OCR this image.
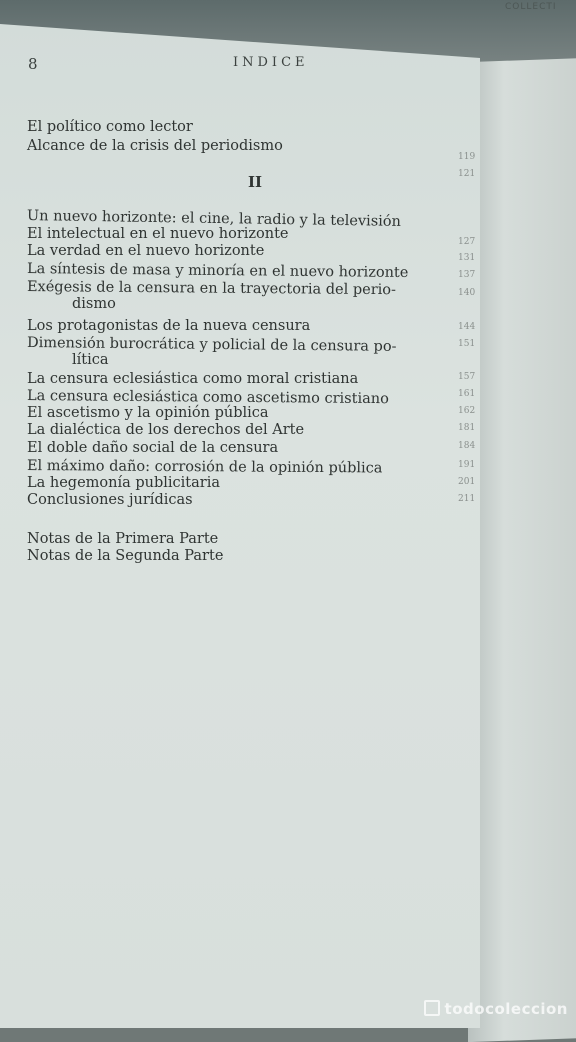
COLLECTI
8	INDICE
El político como lector
Alcance de la crisis del periodismo
II
Un nuevo horizonte: el cine, la radio y la televisión
El intelectual en el nuevo horizonte
La verdad en el nuevo horizonte
La síntesis de masa y minoría en el nuevo horizonte
Exégesis de la censura en la trayectoria del perio-
dismo
Los protagonistas de la nueva censura
Dimensión burocrática y policial de la censura po-
lítica
La censura eclesiástica como moral cristiana
La censura eclesiástica como ascetismo cristiano
El ascetismo y la opinión pública
La dialéctica de los derechos del Arte
El doble daño social de la censura
El máximo daño: corrosión de la opinión pública
La hegemonía publicitaria
Conclusiones jurídicas
Notas de la Primera Parte
Notas de la Segunda Parte
119
121
127
131
137
140
144
151
157
161
162
181
184
191
201
211
todocoleccion
